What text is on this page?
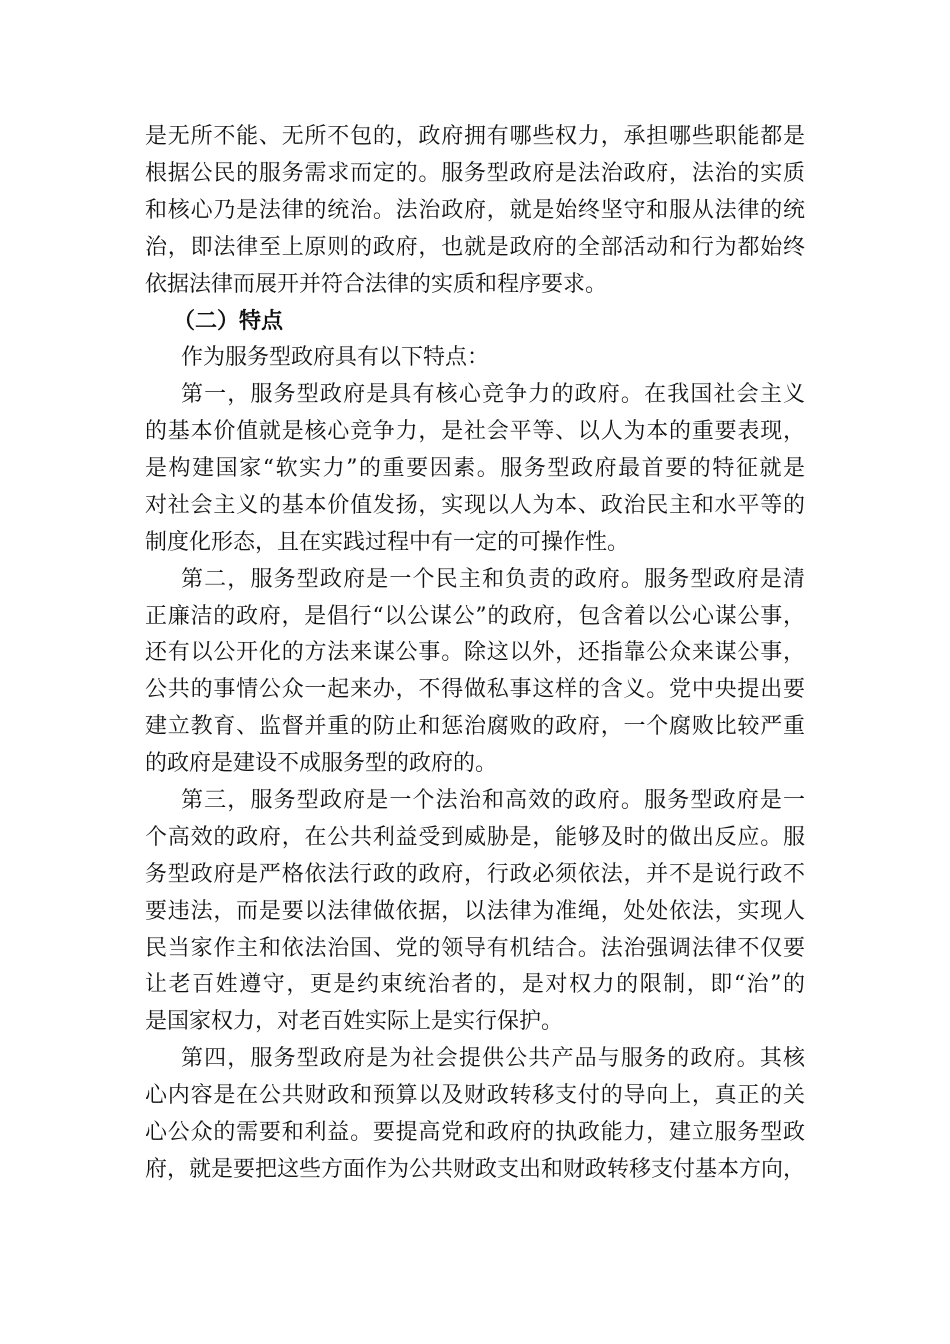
是无所不能、无所不包的，政府拥有哪些权力，承担哪些职能都是
根据公民的服务需求而定的。服务型政府是法治政府，法治的实质
和核心乃是法律的统治。法治政府，就是始终坚守和服从法律的统
治，即法律至上原则的政府，也就是政府的全部活动和行为都始终
依据法律而展开并符合法律的实质和程序要求。
（二）特点
作为服务型政府具有以下特点：
第一，服务型政府是具有核心竞争力的政府。在我国社会主义
的基本价值就是核心竞争力，是社会平等、以人为本的重要表现，
是构建国家“软实力”的重要因素。服务型政府最首要的特征就是
对社会主义的基本价值发扬，实现以人为本、政治民主和水平等的
制度化形态，且在实践过程中有一定的可操作性。
第二，服务型政府是一个民主和负责的政府。服务型政府是清
正廉洁的政府，是倡行“以公谋公”的政府，包含着以公心谋公事，
还有以公开化的方法来谋公事。除这以外，还指靠公众来谋公事，
公共的事情公众一起来办，不得做私事这样的含义。党中央提出要
建立教育、监督并重的防止和惩治腐败的政府，一个腐败比较严重
的政府是建设不成服务型的政府的。
第三，服务型政府是一个法治和高效的政府。服务型政府是一
个高效的政府，在公共利益受到威胁是，能够及时的做出反应。服
务型政府是严格依法行政的政府，行政必须依法，并不是说行政不
要违法，而是要以法律做依据，以法律为准绳，处处依法，实现人
民当家作主和依法治国、党的领导有机结合。法治强调法律不仅要
让老百姓遵守，更是约束统治者的，是对权力的限制，即“治”的
是国家权力，对老百姓实际上是实行保护。
第四，服务型政府是为社会提供公共产品与服务的政府。其核
心内容是在公共财政和预算以及财政转移支付的导向上，真正的关
心公众的需要和利益。要提高党和政府的执政能力，建立服务型政
府，就是要把这些方面作为公共财政支出和财政转移支付基本方向，
